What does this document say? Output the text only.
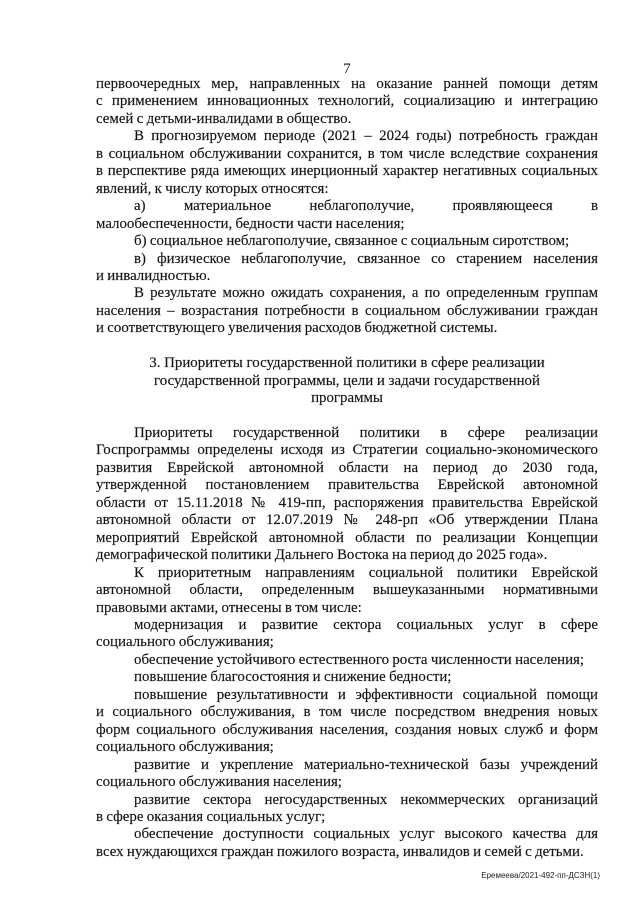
7
первоочередных мер, направленных на оказание ранней помощи детям
с применением инновационных технологий, социализацию и интеграцию
семей с детьми-инвалидами в общество.
В прогнозируемом периоде (2021 – 2024 годы) потребность граждан
в социальном обслуживании сохранится, в том числе вследствие сохранения
в перспективе ряда имеющих инерционный характер негативных социальных
явлений, к числу которых относятся:
а) материальное неблагополучие, проявляющееся в
малообеспеченности, бедности части населения;
б) социальное неблагополучие, связанное с социальным сиротством;
в) физическое неблагополучие, связанное со старением населения
и инвалидностью.
В результате можно ожидать сохранения, а по определенным группам
населения – возрастания потребности в социальном обслуживании граждан
и соответствующего увеличения расходов бюджетной системы.
3. Приоритеты государственной политики в сфере реализации
государственной программы, цели и задачи государственной
программы
Приоритеты государственной политики в сфере реализации
Госпрограммы определены исходя из Стратегии социально-экономического
развития Еврейской автономной области на период до 2030 года,
утвержденной постановлением правительства Еврейской автономной
области от 15.11.2018 № 419-пп, распоряжения правительства Еврейской
автономной области от 12.07.2019 № 248-рп «Об утверждении Плана
мероприятий Еврейской автономной области по реализации Концепции
демографической политики Дальнего Востока на период до 2025 года».
К приоритетным направлениям социальной политики Еврейской
автономной области, определенным вышеуказанными нормативными
правовыми актами, отнесены в том числе:
модернизация и развитие сектора социальных услуг в сфере
социального обслуживания;
обеспечение устойчивого естественного роста численности населения;
повышение благосостояния и снижение бедности;
повышение результативности и эффективности социальной помощи
и социального обслуживания, в том числе посредством внедрения новых
форм социального обслуживания населения, создания новых служб и форм
социального обслуживания;
развитие и укрепление материально-технической базы учреждений
социального обслуживания населения;
развитие сектора негосударственных некоммерческих организаций
в сфере оказания социальных услуг;
обеспечение доступности социальных услуг высокого качества для
всех нуждающихся граждан пожилого возраста, инвалидов и семей с детьми.
Еремеева/2021-492-пп-ДСЗН(1)
